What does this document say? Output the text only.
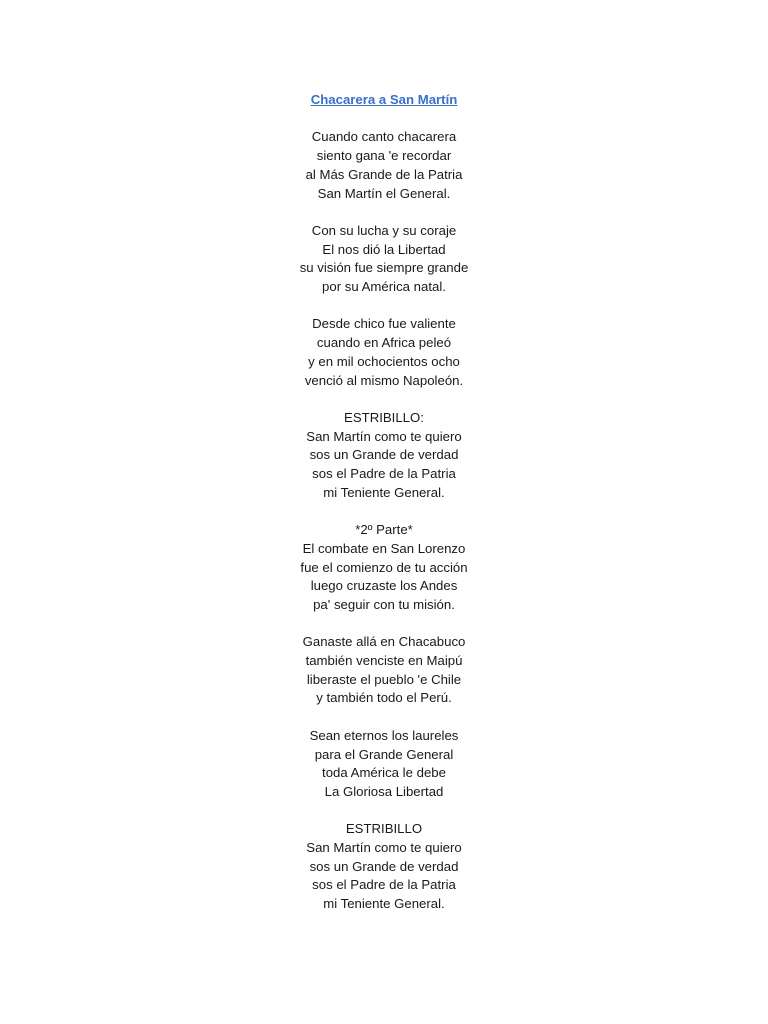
Chacarera a San Martín
Cuando canto chacarera
siento gana 'e recordar
al Más Grande de la Patria
San Martín el General.
Con su lucha y su coraje
El nos dió la Libertad
su visión fue siempre grande
por su América natal.
Desde chico fue valiente
cuando en Africa peleó
y en mil ochocientos ocho
venció al mismo Napoleón.
ESTRIBILLO:
San Martín como te quiero
sos un Grande de verdad
sos el Padre de la Patria
mi Teniente General.
*2º Parte*
El combate en San Lorenzo
fue el comienzo de tu acción
luego cruzaste los Andes
pa' seguir con tu misión.
Ganaste allá en Chacabuco
también venciste en Maipú
liberaste el pueblo 'e Chile
y también todo el Perú.
Sean eternos los laureles
para el Grande General
toda América le debe
La Gloriosa Libertad
ESTRIBILLO
San Martín como te quiero
sos un Grande de verdad
sos el Padre de la Patria
mi Teniente General.
